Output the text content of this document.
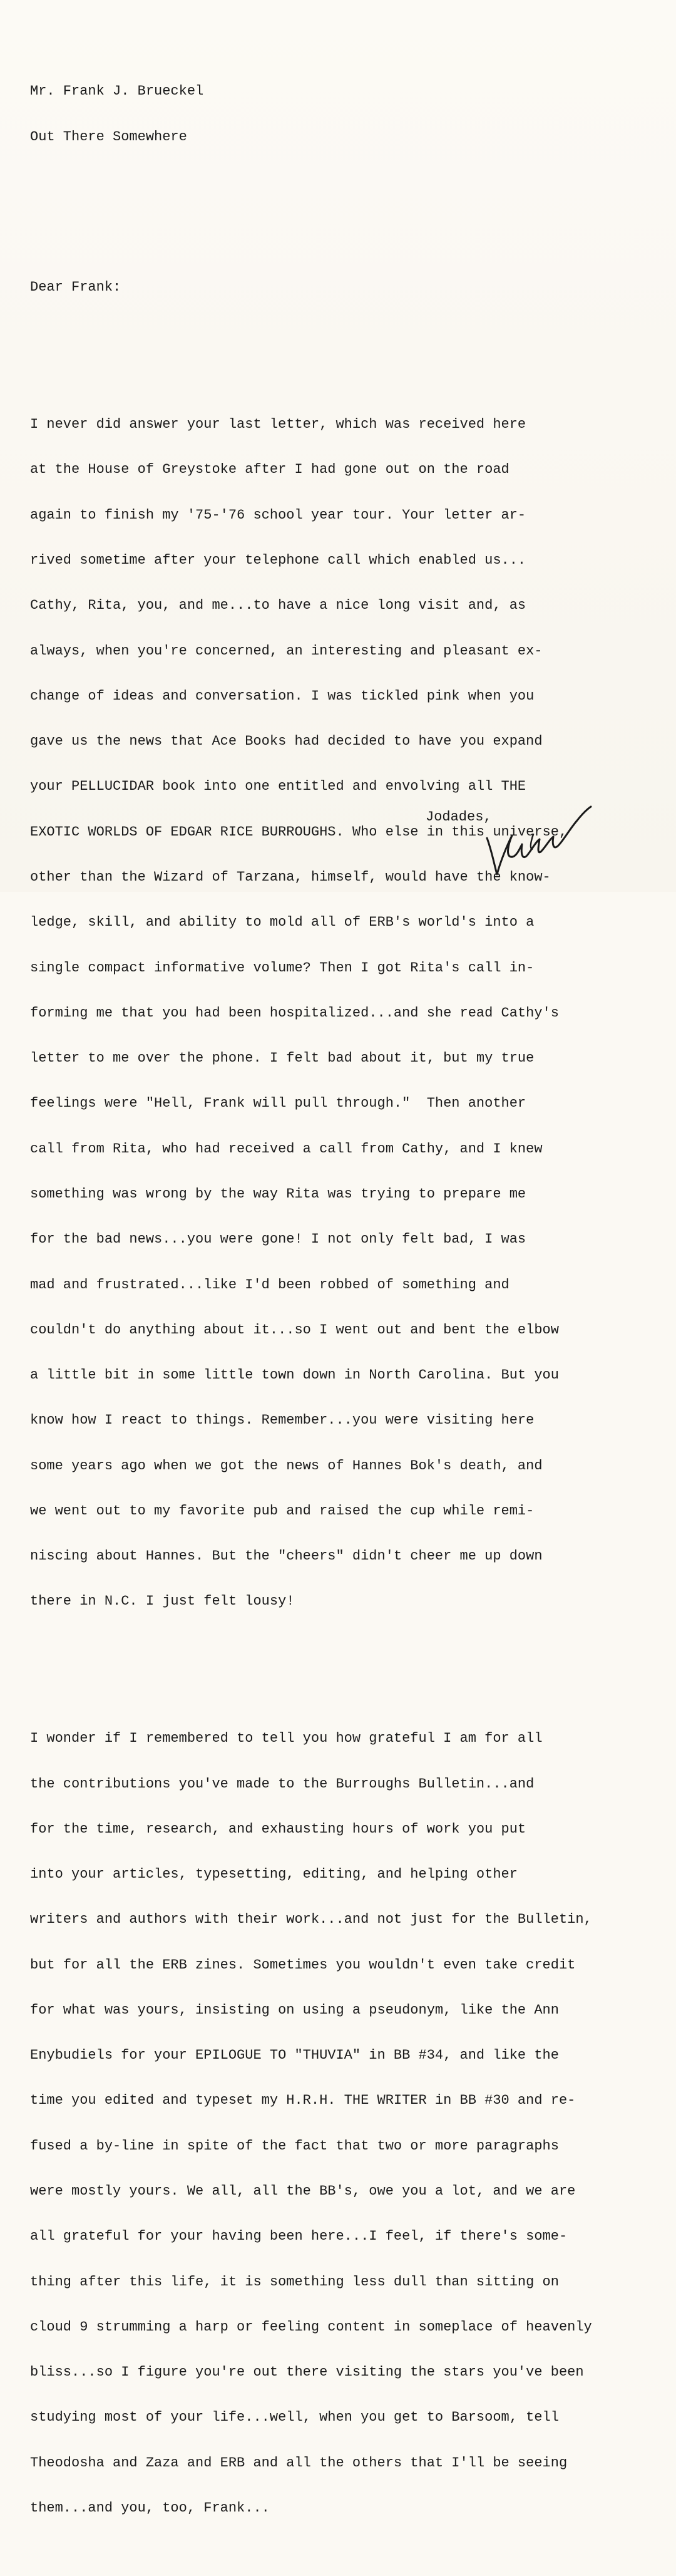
Mr. Frank J. Brueckel

Out There Somewhere

Dear Frank:

I never did answer your last letter, which was received here

at the House of Greystoke after I had gone out on the road

again to finish my '75-'76 school year tour. Your letter ar-

rived sometime after your telephone call which enabled us...

Cathy, Rita, you, and me...to have a nice long visit and, as

always, when you're concerned, an interesting and pleasant ex-

change of ideas and conversation. I was tickled pink when you

gave us the news that Ace Books had decided to have you expand

your PELLUCIDAR book into one entitled and envolving all THE

EXOTIC WORLDS OF EDGAR RICE BURROUGHS. Who else in this universe,

other than the Wizard of Tarzana, himself, would have the know-

ledge, skill, and ability to mold all of ERB's world's into a

single compact informative volume? Then I got Rita's call in-

forming me that you had been hospitalized...and she read Cathy's

letter to me over the phone. I felt bad about it, but my true

feelings were "Hell, Frank will pull through."  Then another

call from Rita, who had received a call from Cathy, and I knew

something was wrong by the way Rita was trying to prepare me

for the bad news...you were gone! I not only felt bad, I was

mad and frustrated...like I'd been robbed of something and

couldn't do anything about it...so I went out and bent the elbow

a little bit in some little town down in North Carolina. But you

know how I react to things. Remember...you were visiting here

some years ago when we got the news of Hannes Bok's death, and

we went out to my favorite pub and raised the cup while remi-

niscing about Hannes. But the "cheers" didn't cheer me up down

there in N.C. I just felt lousy!

I wonder if I remembered to tell you how grateful I am for all

the contributions you've made to the Burroughs Bulletin...and

for the time, research, and exhausting hours of work you put

into your articles, typesetting, editing, and helping other

writers and authors with their work...and not just for the Bulletin,

but for all the ERB zines. Sometimes you wouldn't even take credit

for what was yours, insisting on using a pseudonym, like the Ann

Enybudiels for your EPILOGUE TO "THUVIA" in BB #34, and like the

time you edited and typeset my H.R.H. THE WRITER in BB #30 and re-

fused a by-line in spite of the fact that two or more paragraphs

were mostly yours. We all, all the BB's, owe you a lot, and we are

all grateful for your having been here...I feel, if there's some-

thing after this life, it is something less dull than sitting on

cloud 9 strumming a harp or feeling content in someplace of heavenly

bliss...so I figure you're out there visiting the stars you've been

studying most of your life...well, when you get to Barsoom, tell

Theodosha and Zaza and ERB and all the others that I'll be seeing

them...and you, too, Frank...

Jodades,
